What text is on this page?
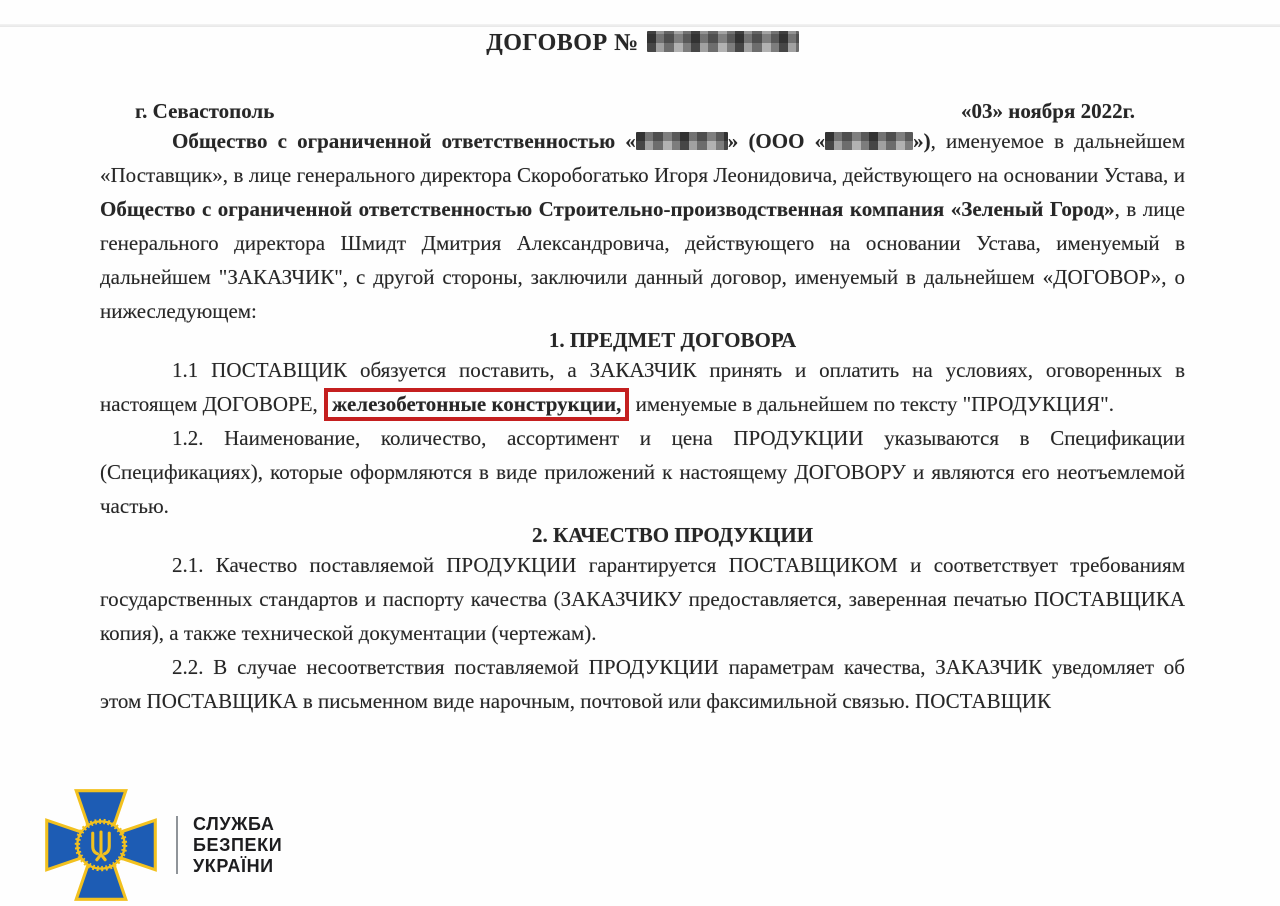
ДОГОВОР №
г. Севастополь	«03» ноября 2022г.

Общество с ограниченной ответственностью «	» (ООО «	»), именуемое в дальнейшем «Поставщик», в лице генерального директора Скоробогатько Игоря Леонидовича, действующего на основании Устава, и Общество с ограниченной ответственностью Строительно-производственная компания «Зеленый Город», в лице генерального директора Шмидт Дмитрия Александровича, действующего на основании Устава, именуемый в дальнейшем "ЗАКАЗЧИК", с другой стороны, заключили данный договор, именуемый в дальнейшем «ДОГОВОР», о нижеследующем:

1. ПРЕДМЕТ ДОГОВОРА

1.1 ПОСТАВЩИК обязуется поставить, а ЗАКАЗЧИК принять и оплатить на условиях, оговоренных в настоящем ДОГОВОРЕ, железобетонные конструкции, именуемые в дальнейшем по тексту "ПРОДУКЦИЯ".

1.2. Наименование, количество, ассортимент и цена ПРОДУКЦИИ указываются в Спецификации (Спецификациях), которые оформляются в виде приложений к настоящему ДОГОВОРУ и являются его неотъемлемой частью.

2. КАЧЕСТВО ПРОДУКЦИИ

2.1. Качество поставляемой ПРОДУКЦИИ гарантируется ПОСТАВЩИКОМ и соответствует требованиям государственных стандартов и паспорту качества (ЗАКАЗЧИКУ предоставляется, заверенная печатью ПОСТАВЩИКА копия), а также технической документации (чертежам).

2.2. В случае несоответствия поставляемой ПРОДУКЦИИ параметрам качества, ЗАКАЗЧИК уведомляет об этом ПОСТАВЩИКА в письменном виде нарочным, почтовой или факсимильной связью. ПОСТАВЩИК

СЛУЖБА
БЕЗПЕКИ
УКРАЇНИ
